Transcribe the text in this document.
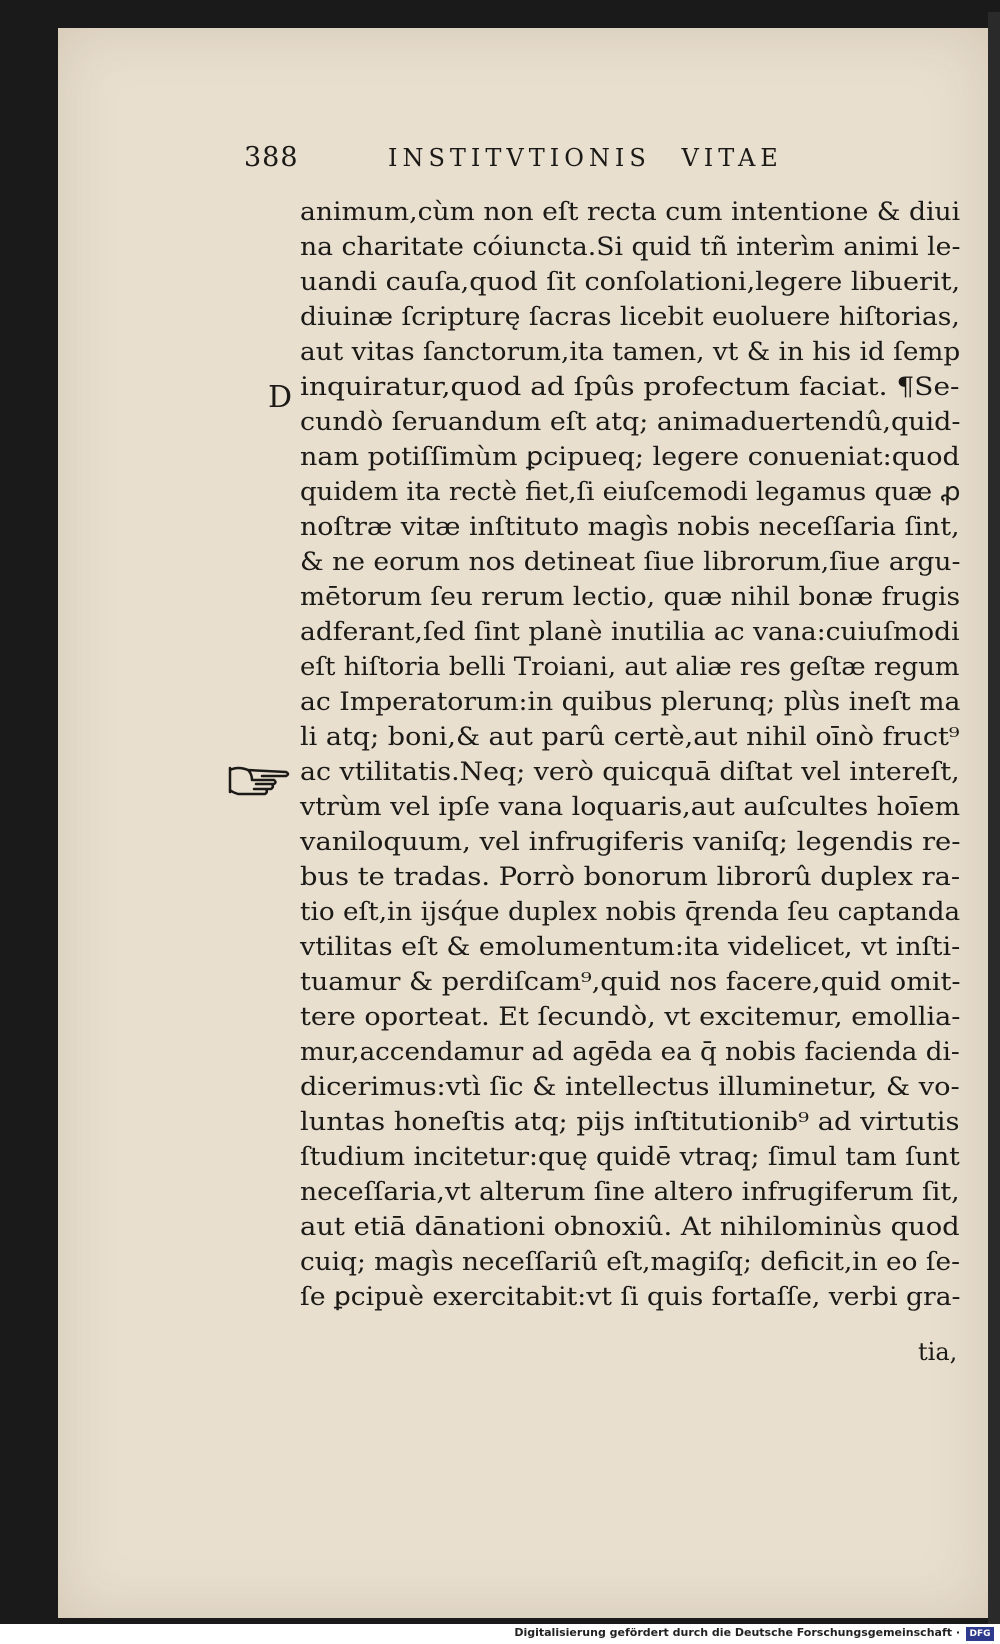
388	INSTITVTIONIS VITAE
D
animum,cùm non eſt recta cum intentione & diui
na charitate cóiuncta.Si quid tñ interìm animi le-
uandi cauſa,quod ſit conſolationi,legere libuerit,
diuinæ ſcripturę ſacras licebit euoluere hiſtorias,
aut vitas ſanctorum,ita tamen, vt & in his id ſemp
inquiratur,quod ad ſpûs profectum faciat. ¶Se-
cundò ſeruandum eſt atq; animaduertendû,quid-
nam potiſſimùm ꝑcipueq; legere conueniat:quod
quidem ita rectè fiet,ſi eiuſcemodi legamus quæ ꝓ
noſtræ vitæ inſtituto magìs nobis neceſſaria ſint,
& ne eorum nos detineat ſiue librorum,ſiue argu-
mētorum ſeu rerum lectio, quæ nihil bonæ frugis
adferant,ſed ſint planè inutilia ac vana:cuiuſmodi
eſt hiſtoria belli Troiani, aut aliæ res geſtæ regum
ac Imperatorum:in quibus plerunq; plùs ineſt ma
li atq; boni,& aut parû certè,aut nihil oīnò fruct⁹
ac vtilitatis.Neq; verò quicquā diſtat vel intereſt,
vtrùm vel ipſe vana loquaris,aut auſcultes hoīem
vaniloquum, vel infrugiferis vaniſq; legendis re-
bus te tradas. Porrò bonorum librorû duplex ra-
tio eſt,in ijsq́ue duplex nobis q̄renda ſeu captanda
vtilitas eſt & emolumentum:ita videlicet, vt inſti-
tuamur & perdiſcam⁹,quid nos facere,quid omit-
tere oporteat. Et ſecundò, vt excitemur, emollia-
mur,accendamur ad agēda ea q̄ nobis facienda di-
dicerimus:vtì ſic & intellectus illuminetur, & vo-
luntas honeſtis atq; pijs inſtitutionib⁹ ad virtutis
ſtudium incitetur:quę quidē vtraq; ſimul tam ſunt
neceſſaria,vt alterum ſine altero infrugiferum ſit,
aut etiā dānationi obnoxiû. At nihilominùs quod
cuiq; magìs neceſſariû eſt,magiſq; deficit,in eo ſe-
ſe ꝑcipuè exercitabit:vt ſi quis fortaſſe, verbi gra-
tia,
Digitalisierung gefördert durch die Deutsche Forschungsgemeinschaft ·	DFG
